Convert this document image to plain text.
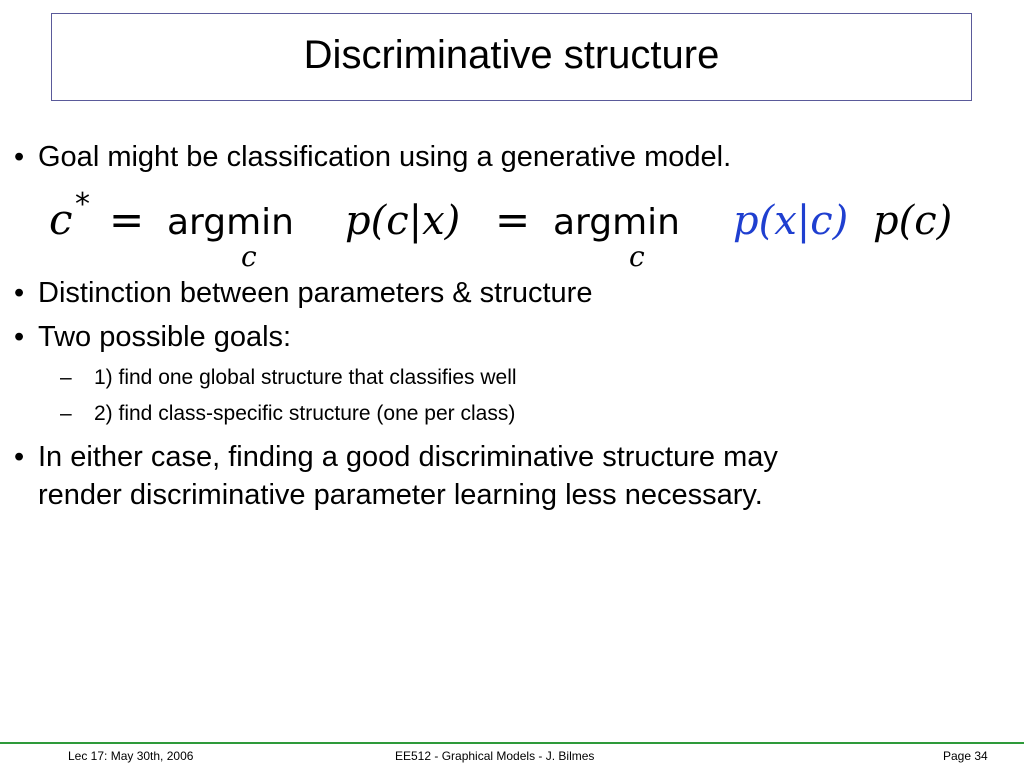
Discriminative structure
• Goal might be classification using a generative model.
c * = argmin
c
p(c|x) = argmin
c
p(x|c) p(c)
• Distinction between parameters & structure
• Two possible goals:
– 1) find one global structure that classifies well
– 2) find class-specific structure (one per class)
• In either case, finding a good discriminative structure may
render discriminative parameter learning less necessary.
Lec 17: May 30th, 2006	EE512 - Graphical Models - J. Bilmes	Page 34
